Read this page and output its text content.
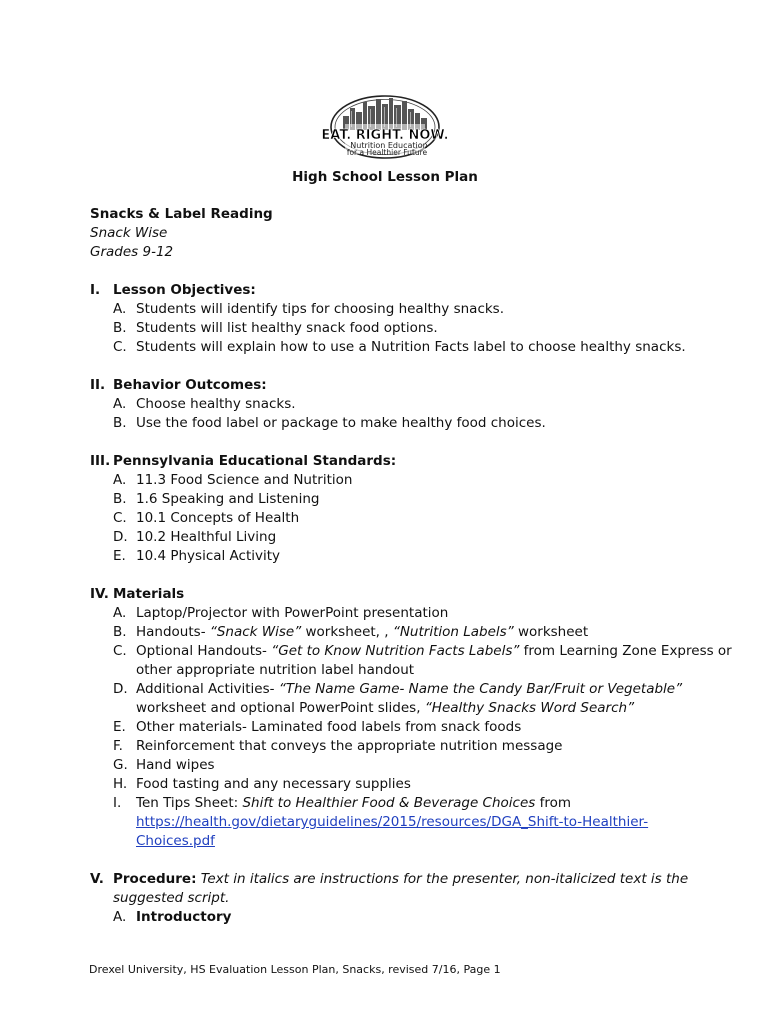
EAT. RIGHT. NOW.
Nutrition Education
for a Healthier Future
High School Lesson Plan
Snacks & Label Reading
Snack Wise
Grades 9-12
I. Lesson Objectives:
A. Students will identify tips for choosing healthy snacks.
B. Students will list healthy snack food options.
C. Students will explain how to use a Nutrition Facts label to choose healthy snacks.
II. Behavior Outcomes:
A. Choose healthy snacks.
B. Use the food label or package to make healthy food choices.
III. Pennsylvania Educational Standards:
A. 11.3 Food Science and Nutrition
B. 1.6 Speaking and Listening
C. 10.1 Concepts of Health
D. 10.2 Healthful Living
E. 10.4 Physical Activity
IV. Materials
A. Laptop/Projector with PowerPoint presentation
B. Handouts- “Snack Wise” worksheet, , “Nutrition Labels” worksheet
C. Optional Handouts- “Get to Know Nutrition Facts Labels” from Learning Zone Express or
other appropriate nutrition label handout
D. Additional Activities- “The Name Game- Name the Candy Bar/Fruit or Vegetable”
worksheet and optional PowerPoint slides, “Healthy Snacks Word Search”
E. Other materials- Laminated food labels from snack foods
F. Reinforcement that conveys the appropriate nutrition message
G. Hand wipes
H. Food tasting and any necessary supplies
I. Ten Tips Sheet: Shift to Healthier Food & Beverage Choices from
https://health.gov/dietaryguidelines/2015/resources/DGA_Shift-to-Healthier-
Choices.pdf
V. Procedure: Text in italics are instructions for the presenter, non-italicized text is the
suggested script.
A. Introductory
Drexel University, HS Evaluation Lesson Plan, Snacks, revised 7/16, Page 1
